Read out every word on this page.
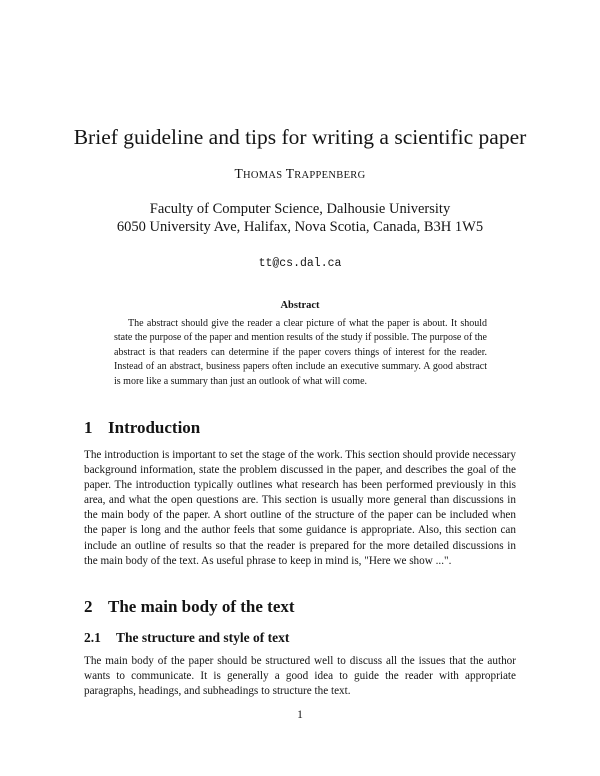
Brief guideline and tips for writing a scientific paper
THOMAS TRAPPENBERG
Faculty of Computer Science, Dalhousie University
6050 University Ave, Halifax, Nova Scotia, Canada, B3H 1W5
tt@cs.dal.ca
Abstract

The abstract should give the reader a clear picture of what the paper is about. It should state the purpose of the paper and mention results of the study if possible. The purpose of the abstract is that readers can determine if the paper covers things of interest for the reader. Instead of an abstract, business papers often include an executive summary. A good abstract is more like a summary than just an outlook of what will come.

1 Introduction

The introduction is important to set the stage of the work. This section should provide necessary background information, state the problem discussed in the paper, and describes the goal of the paper. The introduction typically outlines what research has been performed previously in this area, and what the open questions are. This section is usually more general than discussions in the main body of the paper. A short outline of the structure of the paper can be included when the paper is long and the author feels that some guidance is appropriate. Also, this section can include an outline of results so that the reader is prepared for the more detailed discussions in the main body of the text. As useful phrase to keep in mind is, "Here we show ...".

2 The main body of the text
2.1 The structure and style of text

The main body of the paper should be structured well to discuss all the issues that the author wants to communicate. It is generally a good idea to guide the reader with appropriate paragraphs, headings, and subheadings to structure the text.

1
